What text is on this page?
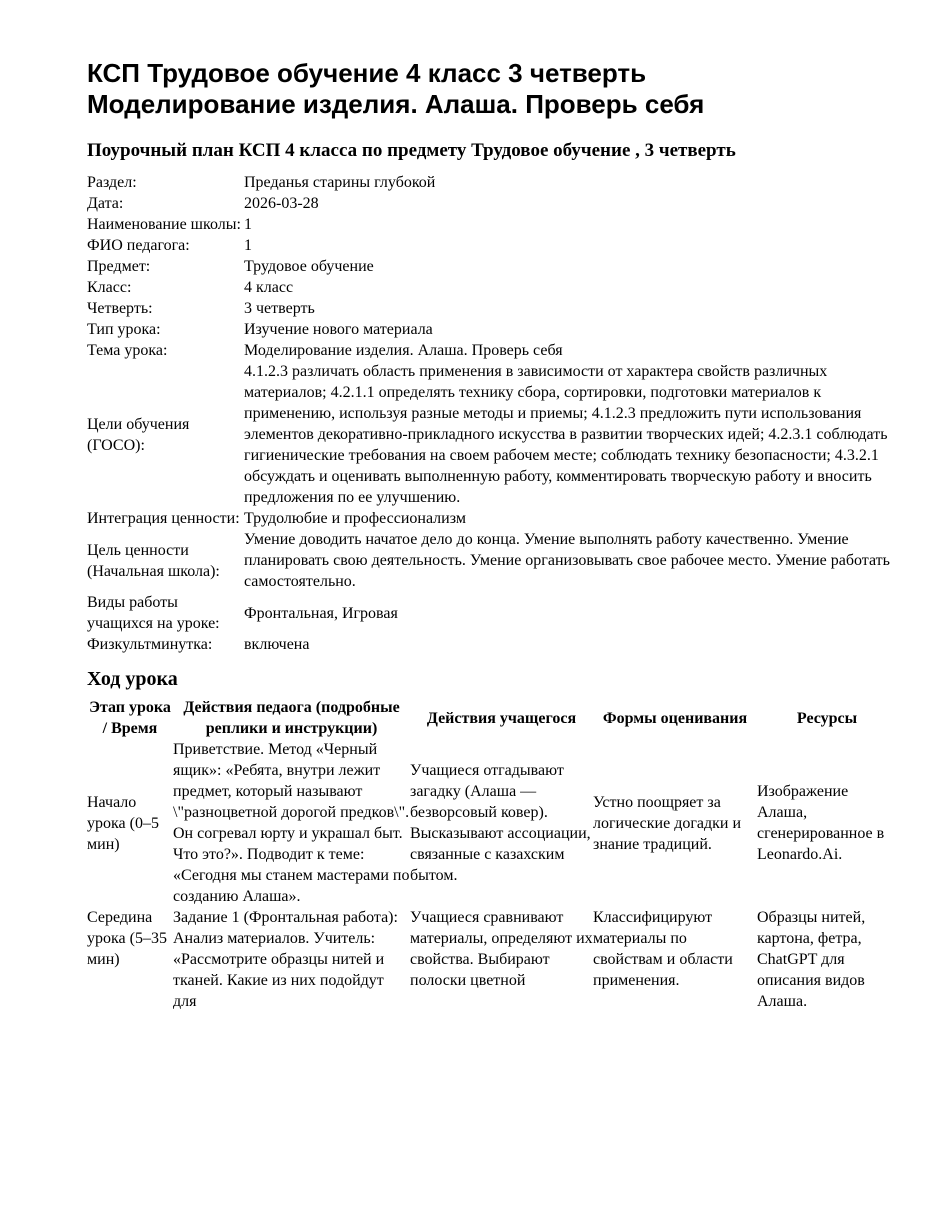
КСП Трудовое обучение 4 класс 3 четверть
Моделирование изделия. Алаша. Проверь себя
Поурочный план КСП 4 класса по предмету Трудовое обучение , 3 четверть
Раздел:	Преданья старины глубокой
Дата:	2026-03-28
Наименование школы:	1
ФИО педагога:	1
Предмет:	Трудовое обучение
Класс:	4 класс
Четверть:	3 четверть
Тип урока:	Изучение нового материала
Тема урока:	Моделирование изделия. Алаша. Проверь себя
Цели обучения (ГОСО):	4.1.2.3 различать область применения в зависимости от характера свойств различных материалов; 4.2.1.1 определять технику сбора, сортировки, подготовки материалов к применению, используя разные методы и приемы; 4.1.2.3 предложить пути использования элементов декоративно-прикладного искусства в развитии творческих идей; 4.2.3.1 соблюдать гигиенические требования на своем рабочем месте; соблюдать технику безопасности; 4.3.2.1 обсуждать и оценивать выполненную работу, комментировать творческую работу и вносить предложения по ее улучшению.
Интеграция ценности:	Трудолюбие и профессионализм
Цель ценности (Начальная школа):	Умение доводить начатое дело до конца. Умение выполнять работу качественно. Умение планировать свою деятельность. Умение организовывать свое рабочее место. Умение работать самостоятельно.
Виды работы учащихся на уроке:	Фронтальная, Игровая
Физкультминутка:	включена
Ход урока
Этап урока / Время	Действия педаога (подробные реплики и инструкции)	Действия учащегося	Формы оценивания	Ресурсы
Начало урока (0–5 мин)	Приветствие. Метод «Черный ящик»: «Ребята, внутри лежит предмет, который называют \"разноцветной дорогой предков\". Он согревал юрту и украшал быт. Что это?». Подводит к теме: «Сегодня мы станем мастерами по созданию Алаша».	Учащиеся отгадывают загадку (Алаша — безворсовый ковер). Высказывают ассоциации, связанные с казахским бытом.	Устно поощряет за логические догадки и знание традиций.	Изображение Алаша, сгенерированное в Leonardo.Ai.
Середина урока (5–35 мин)	Задание 1 (Фронтальная работа): Анализ материалов. Учитель: «Рассмотрите образцы нитей и тканей. Какие из них подойдут для	Учащиеся сравнивают материалы, определяют их свойства. Выбирают полоски цветной	Классифицируют материалы по свойствам и области применения.	Образцы нитей, картона, фетра, ChatGPT для описания видов Алаша.
